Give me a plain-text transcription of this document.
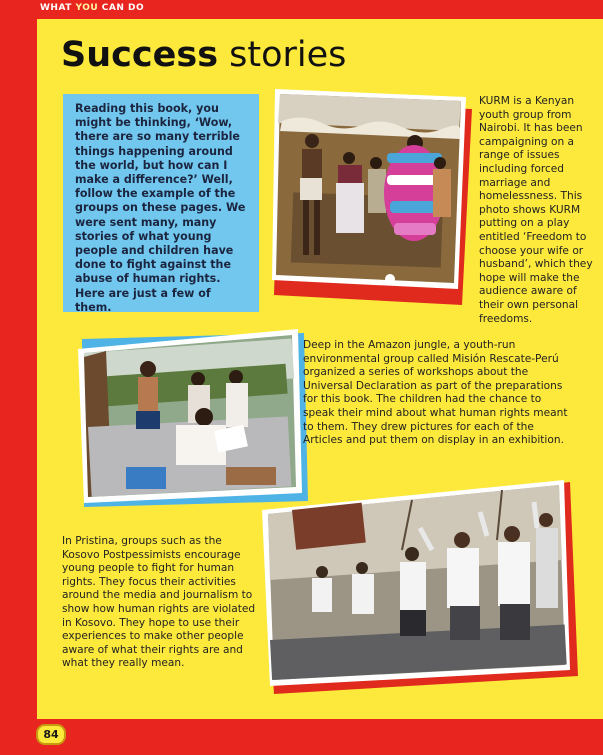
WHAT YOU CAN DO
Success stories

Reading this book, you might be thinking, ‘Wow, there are so many terrible things happening around the world, but how can I make a difference?’ Well, follow the example of the groups on these pages. We were sent many, many stories of what young people and children have done to fight against the abuse of human rights. Here are just a few of them.

KURM is a Kenyan youth group from Nairobi. It has been campaigning on a range of issues including forced marriage and homelessness. This photo shows KURM putting on a play entitled ‘Freedom to choose your wife or husband’, which they hope will make the audience aware of their own personal freedoms.

Deep in the Amazon jungle, a youth-run environmental group called Misión Rescate-Perú organized a series of workshops about the Universal Declaration as part of the preparations for this book. The children had the chance to speak their mind about what human rights meant to them. They drew pictures for each of the Articles and put them on display in an exhibition.

In Pristina, groups such as the Kosovo Postpessimists encourage young people to fight for human rights. They focus their activities around the media and journalism to show how human rights are violated in Kosovo. They hope to use their experiences to make other people aware of what their rights are and what they really mean.

84
